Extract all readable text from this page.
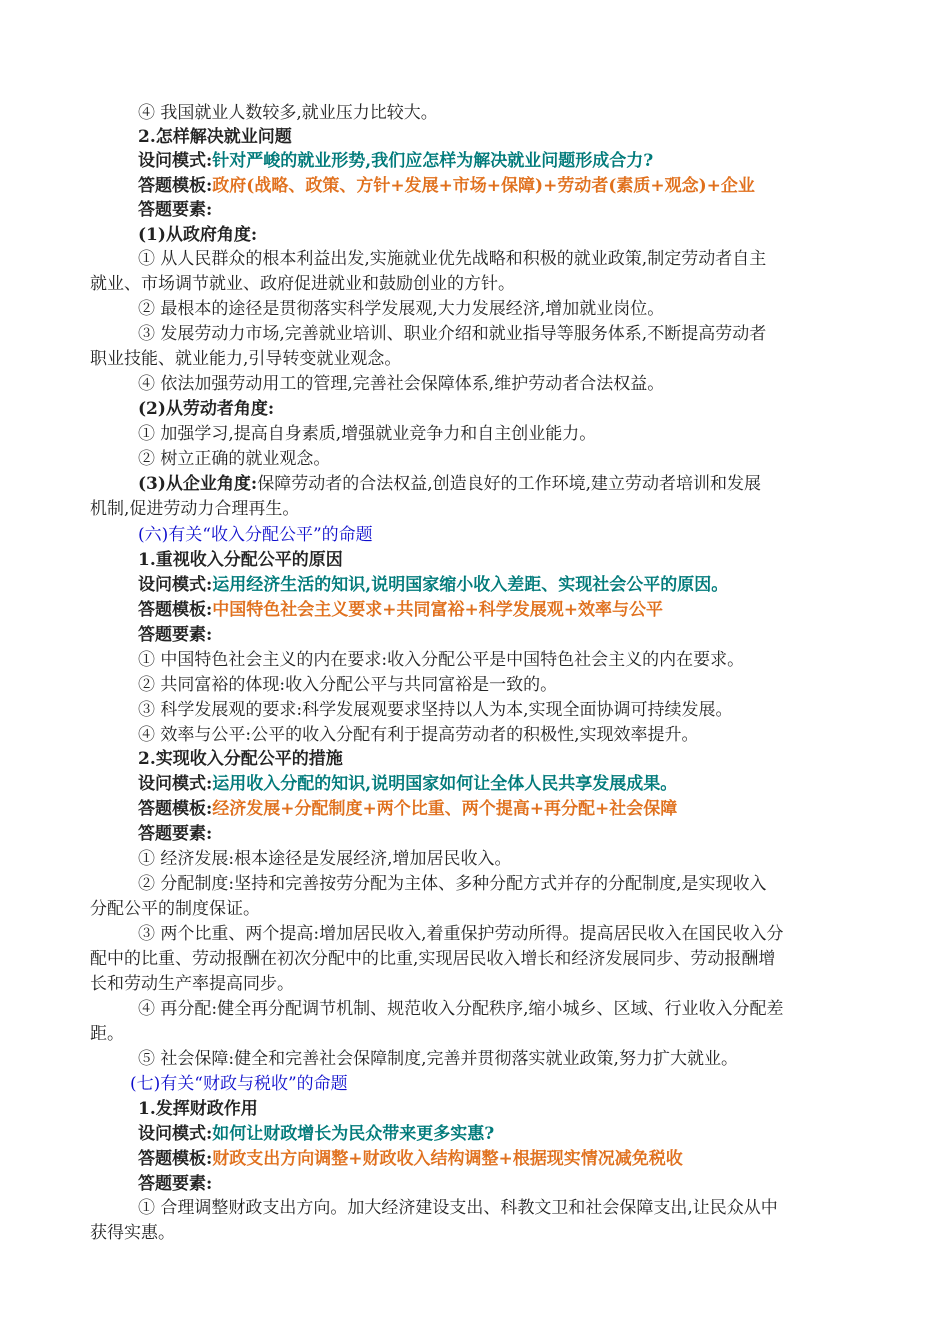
④ 我国就业人数较多,就业压力比较大。
2.怎样解决就业问题
设问模式:针对严峻的就业形势,我们应怎样为解决就业问题形成合力?
答题模板:政府(战略、政策、方针+发展+市场+保障)+劳动者(素质+观念)+企业
答题要素:
(1)从政府角度:
① 从人民群众的根本利益出发,实施就业优先战略和积极的就业政策,制定劳动者自主
就业、市场调节就业、政府促进就业和鼓励创业的方针。
② 最根本的途径是贯彻落实科学发展观,大力发展经济,增加就业岗位。
③ 发展劳动力市场,完善就业培训、职业介绍和就业指导等服务体系,不断提高劳动者
职业技能、就业能力,引导转变就业观念。
④ 依法加强劳动用工的管理,完善社会保障体系,维护劳动者合法权益。
(2)从劳动者角度:
① 加强学习,提高自身素质,增强就业竞争力和自主创业能力。
② 树立正确的就业观念。
(3)从企业角度:保障劳动者的合法权益,创造良好的工作环境,建立劳动者培训和发展
机制,促进劳动力合理再生。
(六)有关“收入分配公平”的命题
1.重视收入分配公平的原因
设问模式:运用经济生活的知识,说明国家缩小收入差距、实现社会公平的原因。
答题模板:中国特色社会主义要求+共同富裕+科学发展观+效率与公平
答题要素:
① 中国特色社会主义的内在要求:收入分配公平是中国特色社会主义的内在要求。
② 共同富裕的体现:收入分配公平与共同富裕是一致的。
③ 科学发展观的要求:科学发展观要求坚持以人为本,实现全面协调可持续发展。
④ 效率与公平:公平的收入分配有利于提高劳动者的积极性,实现效率提升。
2.实现收入分配公平的措施
设问模式:运用收入分配的知识,说明国家如何让全体人民共享发展成果。
答题模板:经济发展+分配制度+两个比重、两个提高+再分配+社会保障
答题要素:
① 经济发展:根本途径是发展经济,增加居民收入。
② 分配制度:坚持和完善按劳分配为主体、多种分配方式并存的分配制度,是实现收入
分配公平的制度保证。
③ 两个比重、两个提高:增加居民收入,着重保护劳动所得。提高居民收入在国民收入分
配中的比重、劳动报酬在初次分配中的比重,实现居民收入增长和经济发展同步、劳动报酬增
长和劳动生产率提高同步。
④ 再分配:健全再分配调节机制、规范收入分配秩序,缩小城乡、区域、行业收入分配差
距。
⑤ 社会保障:健全和完善社会保障制度,完善并贯彻落实就业政策,努力扩大就业。
(七)有关“财政与税收”的命题
1.发挥财政作用
设问模式:如何让财政增长为民众带来更多实惠?
答题模板:财政支出方向调整+财政收入结构调整+根据现实情况减免税收
答题要素:
① 合理调整财政支出方向。加大经济建设支出、科教文卫和社会保障支出,让民众从中
获得实惠。
